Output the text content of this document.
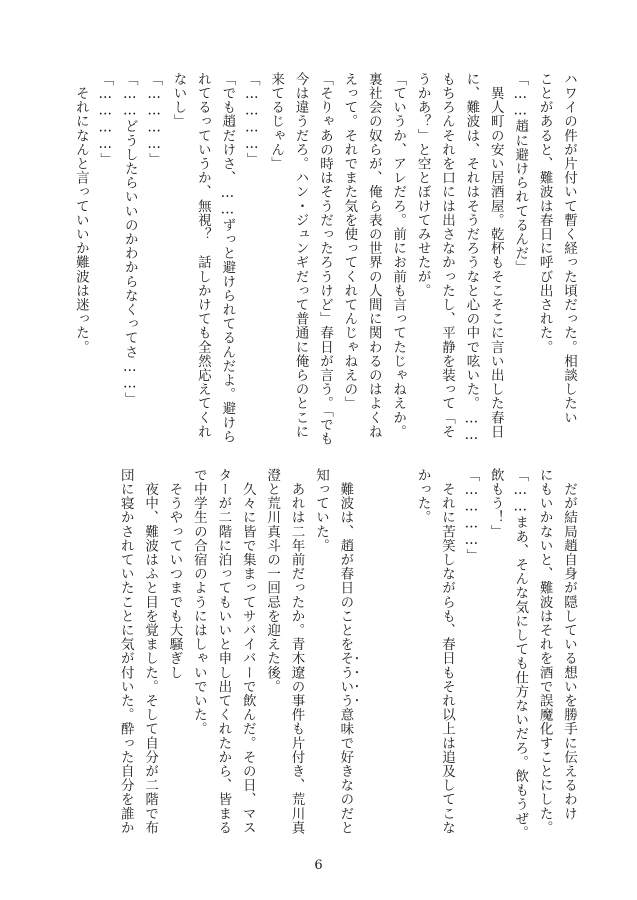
ハワイの件が片付いて暫く経った頃だった。相談したい
ことがあると、難波は春日に呼び出された。
「……趙に避けられてるんだ」
　異人町の安い居酒屋。乾杯もそこそこに言い出した春日
に、難波は、それはそうだろうなと心の中で呟いた。……
もちろんそれを口には出さなかったし、平静を装って「そ
うかあ？」と空とぼけてみせたが。
「ていうか、アレだろ。前にお前も言ってたじゃねえか。
裏社会の奴らが、俺ら表の世界の人間に関わるのはよくね
えって。それでまた気を使ってくれてんじゃねえの」
「そりゃあの時はそうだったろうけど」春日が言う。「でも
今は違うだろ。ハン・ジュンギだって普通に俺らのとこに
来てるじゃん」
「…………」
「でも趙だけさ、……ずっと避けられてるんだよ。避けら
れてるっていうか、無視？　話しかけても全然応えてくれ
ないし」
「…………」
「……どうしたらいいのかわからなくってさ……」
「…………」
　それになんと言っていいか難波は迷った。
　だが結局趙自身が隠している想いを勝手に伝えるわけ
にもいかないと、難波はそれを酒で誤魔化すことにした。
「……まあ、そんな気にしても仕方ないだろ。飲もうぜ。
飲もう！」
「…………」
　それに苦笑しながらも、春日もそれ以上は追及してこな
かった。

　難波は、趙が春日のことをそういう意味で好きなのだと
知っていた。
　あれは二年前だったか。青木遼の事件も片付き、荒川真
澄と荒川真斗の一回忌を迎えた後。
　久々に皆で集まってサバイバーで飲んだ。その日、マス
ターが二階に泊ってもいいと申し出てくれたから、皆まる
で中学生の合宿のようにはしゃいでいた。
　そうやっていつまでも大騒ぎし
　夜中、難波はふと目を覚ました。そして自分が二階で布
団に寝かされていたことに気が付いた。酔った自分を誰か
6
